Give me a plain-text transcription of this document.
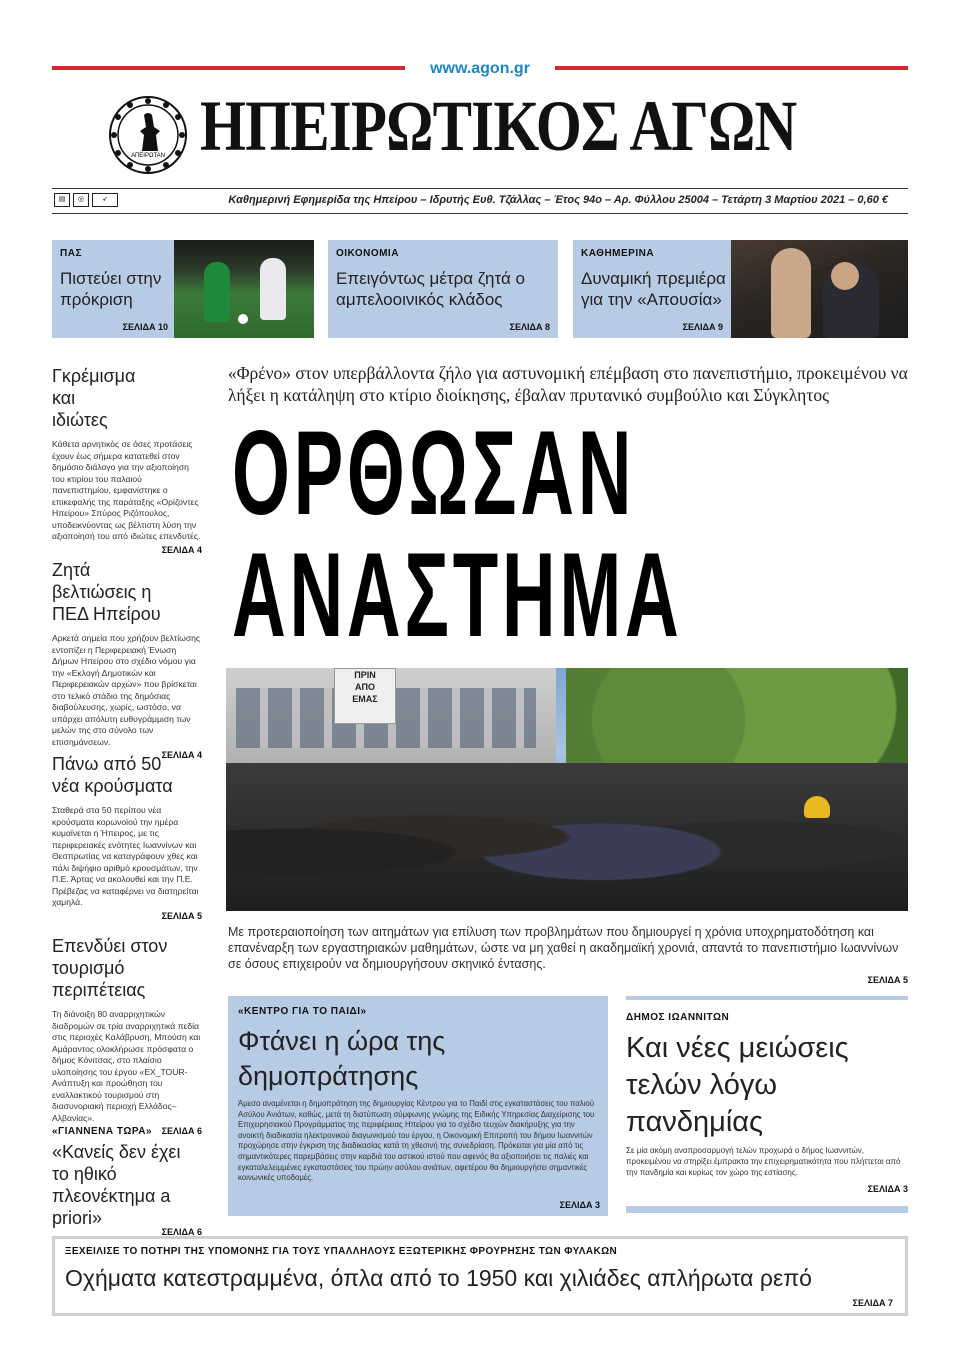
www.agon.gr
ΑΠΕΙΡΩΤΑΝ ΗΠΕΙΡΩΤΙΚΟΣ ΑΓΩΝ
▤	◎	➶	Καθημερινή Εφημερίδα της Ηπείρου – Ιδρυτής Ευθ. Τζάλλας – Έτος 94ο – Αρ. Φύλλου 25004 – Τετάρτη 3 Μαρτίου 2021 – 0,60 €
ΠΑΣ
Πιστεύει στην πρόκριση
ΣΕΛΙΔΑ 10
ΟΙΚΟΝΟΜΙΑ
Επειγόντως μέτρα ζητά ο αμπελοοινικός κλάδος
ΣΕΛΙΔΑ 8
ΚΑΘΗΜΕΡΙΝΑ
Δυναμική πρεμιέρα για την «Απουσία»
ΣΕΛΙΔΑ 9
Γκρέμισμα και ιδιώτες
Κάθετα αρνητικός σε όσες προτάσεις έχουν έως σήμερα κατατεθεί στον δημόσιο διάλογο για την αξιοποίηση του κτιρίου του παλαιού πανεπιστημίου, εμφανίστηκε ο επικεφαλής της παράταξης «Ορίζοντες Ηπείρου» Σπύρος Ριζόπουλος, υποδεικνύοντας ως βέλτιστη λύση την αξιοποίησή του από ιδιώτες επενδυτές.
ΣΕΛΙΔΑ 4
Ζητά βελτιώσεις η ΠΕΔ Ηπείρου
Αρκετά σημεία που χρήζουν βελτίωσης εντοπίζει η Περιφερειακή Ένωση Δήμων Ηπείρου στο σχέδιο νόμου για την «Εκλογή Δημοτικών και Περιφερειακών αρχών» που βρίσκεται στο τελικό στάδιο της δημόσιας διαβούλευσης, χωρίς, ωστόσο, να υπάρχει απόλυτη ευθυγράμμιση των μελών της στο σύνολο των επισημάνσεων.
ΣΕΛΙΔΑ 4
Πάνω από 50 νέα κρούσματα
Σταθερά στα 50 περίπου νέα κρούσματα κορωνοϊού την ημέρα κυμαίνεται η Ήπειρος, με τις περιφερειακές ενότητες Ιωαννίνων και Θεσπρωτίας να καταγράφουν χθες και πάλι διψήφιο αριθμό κρουσμάτων, την Π.Ε. Άρτας να ακολουθεί και την Π.Ε. Πρέβεζας να καταφέρνει να διατηρείται χαμηλά.
ΣΕΛΙΔΑ 5
Επενδύει στον τουρισμό περιπέτειας
Τη διάνοιξη 80 αναρριχητικών διαδρομών σε τρία αναρριχητικά πεδία στις περιοχές Καλάβρυση, Μπούση και Αμάραντος ολοκλήρωσε πρόσφατα ο δήμος Κόνιτσας, στο πλαίσιο υλοποίησης του έργου «EX_TOUR- Ανάπτυξη και προώθηση του εναλλακτικού τουρισμού στη διασυνοριακή περιοχή Ελλάδος– Αλβανίας».
ΣΕΛΙΔΑ 6
«ΓΙΑΝΝΕΝΑ ΤΩΡΑ»
«Κανείς δεν έχει το ηθικό πλεονέκτημα a priori»
ΣΕΛΙΔΑ 6
«Φρένο» στον υπερβάλλοντα ζήλο για αστυνομική επέμβαση στο πανεπιστήμιο, προκειμένου να λήξει η κατάληψη στο κτίριο διοίκησης, έβαλαν πρυτανικό συμβούλιο και Σύγκλητος
ΟΡΘΩΣΑΝ
ΑΝΑΣΤΗΜΑ
ΠΡΙΝ
ΑΠΟ
ΕΜΑΣ
Με προτεραιοποίηση των αιτημάτων για επίλυση των προβλημάτων που δημιουργεί η χρόνια υποχρηματοδότηση και επανέναρξη των εργαστηριακών μαθημάτων, ώστε να μη χαθεί η ακαδημαϊκή χρονιά, απαντά το πανεπιστήμιο Ιωαννίνων σε όσους επιχειρούν να δημιουργήσουν σκηνικό έντασης.
ΣΕΛΙΔΑ 5
«ΚΕΝΤΡΟ ΓΙΑ ΤΟ ΠΑΙΔΙ»
Φτάνει η ώρα της δημοπράτησης
Άμεσα αναμένεται η δημοπράτηση της δημιουργίας Κέντρου για το Παιδί στις εγκαταστάσεις του παλιού Ασύλου Ανιάτων, καθώς, μετά τη διατύπωση σύμφωνης γνώμης της Ειδικής Υπηρεσίας Διαχείρισης του Επιχειρησιακού Προγράμματος της περιφέρειας Ηπείρου για το σχέδιο τευχών διακήρυξης για την ανοικτή διαδικασία ηλεκτρονικού διαγωνισμού του έργου, η Οικονομική Επιτροπή του δήμου Ιωαννιτών προχώρησε στην έγκριση της διαδικασίας κατά τη χθεσινή της συνεδρίαση. Πρόκειται για μία από τις σημαντικότερες παρεμβάσεις στην καρδιά του αστικού ιστού που αφενός θα αξιοποιήσει τις παλιές και εγκαταλελειμμένες εγκαταστάσεις του πρώην ασύλου ανιάτων, αφετέρου θα δημιουργήσει σημαντικές κοινωνικές υποδομές.
ΣΕΛΙΔΑ 3
ΔΗΜΟΣ ΙΩΑΝΝΙΤΩΝ
Και νέες μειώσεις τελών λόγω πανδημίας
Σε μία ακόμη αναπροσαρμογή τελών προχωρά ο δήμος Ιωαννιτών, προκειμένου να στηρίξει έμπρακτα την επιχειρηματικότητα που πλήττεται από την πανδημία και κυρίως τον χώρο της εστίασης.
ΣΕΛΙΔΑ 3
ΞΕΧΕΙΛΙΣΕ ΤΟ ΠΟΤΗΡΙ ΤΗΣ ΥΠΟΜΟΝΗΣ ΓΙΑ ΤΟΥΣ ΥΠΑΛΛΗΛΟΥΣ ΕΞΩΤΕΡΙΚΗΣ ΦΡΟΥΡΗΣΗΣ ΤΩΝ ΦΥΛΑΚΩΝ
Οχήματα κατεστραμμένα, όπλα από το 1950 και χιλιάδες απλήρωτα ρεπό
ΣΕΛΙΔΑ 7
